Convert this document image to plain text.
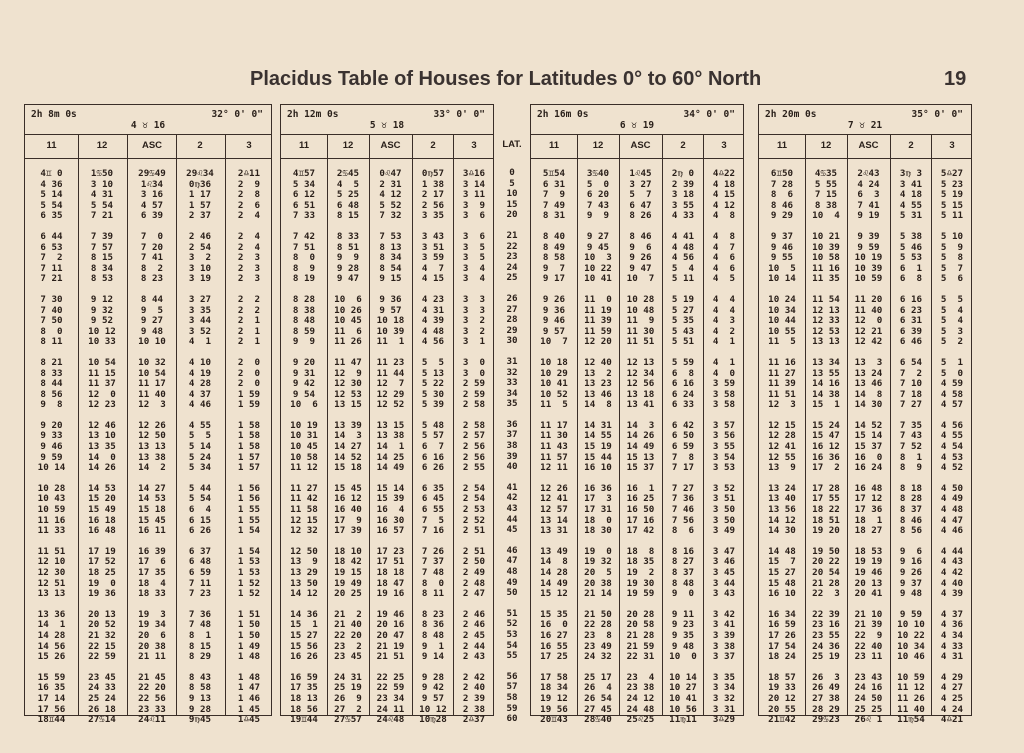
Placidus Table of Houses for Latitudes 0° to 60° North	19
2h 8m 0s	32° 0' 0"
4 ♉ 16
11	12	ASC	2	3
4♊ 0	1♋50	29♋49	29♌34	2♎11
4 36	3 10	1♌34	0♍36	2  9
5 14	4 31	3 16	1 17	2  8
5 54	5 54	4 57	1 57	2  6
6 35	7 21	6 39	2 37	2  4
6 44	7 39	7  0	2 46	2  4
6 53	7 57	7 20	2 54	2  4
7  2	8 15	7 41	3  2	2  3
7 11	8 34	8  2	3 10	2  3
7 21	8 53	8 23	3 19	2  3
7 30	9 12	8 44	3 27	2  2
7 40	9 32	9  5	3 35	2  2
7 50	9 52	9 27	3 44	2  1
8  0	10 12	9 48	3 52	2  1
8 11	10 33	10 10	4  1	2  1
8 21	10 54	10 32	4 10	2  0
8 33	11 15	10 54	4 19	2  0
8 44	11 37	11 17	4 28	2  0
8 56	12  0	11 40	4 37	1 59
9  8	12 23	12  3	4 46	1 59
9 20	12 46	12 26	4 55	1 58
9 33	13 10	12 50	5  5	1 58
9 46	13 35	13 13	5 14	1 58
9 59	14  0	13 38	5 24	1 57
10 14	14 26	14  2	5 34	1 57
10 28	14 53	14 27	5 44	1 56
10 43	15 20	14 53	5 54	1 56
10 59	15 49	15 18	6  4	1 55
11 16	16 18	15 45	6 15	1 55
11 33	16 48	16 11	6 26	1 54
11 51	17 19	16 39	6 37	1 54
12 10	17 52	17  6	6 48	1 53
12 30	18 25	17 35	6 59	1 53
12 51	19  0	18  4	7 11	1 52
13 13	19 36	18 33	7 23	1 52
13 36	20 13	19  3	7 36	1 51
14  1	20 52	19 34	7 48	1 50
14 28	21 32	20  6	8  1	1 50
14 56	22 15	20 38	8 15	1 49
15 26	22 59	21 11	8 29	1 48
15 59	23 45	21 45	8 43	1 48
16 35	24 33	22 20	8 58	1 47
17 14	25 24	22 56	9 13	1 46
17 56	26 18	23 33	9 28	1 45
18♊44	27♋14	24♌11	9♍45	1♎45
2h 12m 0s	33° 0' 0"
5 ♉ 18
11	12	ASC	2	3
4♊57	2♋45	0♌47	0♍57	3♎16
5 34	4  5	2 31	1 38	3 14
6 12	5 25	4 12	2 17	3 11
6 51	6 48	5 52	2 56	3  9
7 33	8 15	7 32	3 35	3  6
7 42	8 33	7 53	3 43	3  6
7 51	8 51	8 13	3 51	3  5
8  0	9  9	8 34	3 59	3  5
8  9	9 28	8 54	4  7	3  4
8 19	9 47	9 15	4 15	3  4
8 28	10  6	9 36	4 23	3  3
8 38	10 26	9 57	4 31	3  3
8 48	10 45	10 18	4 39	3  2
8 59	11  6	10 39	4 48	3  2
9  9	11 26	11  1	4 56	3  1
9 20	11 47	11 23	5  5	3  0
9 31	12  9	11 44	5 13	3  0
9 42	12 30	12  7	5 22	2 59
9 54	12 53	12 29	5 30	2 59
10  6	13 15	12 52	5 39	2 58
10 19	13 39	13 15	5 48	2 58
10 31	14  3	13 38	5 57	2 57
10 45	14 27	14  1	6  7	2 56
10 58	14 52	14 25	6 16	2 56
11 12	15 18	14 49	6 26	2 55
11 27	15 45	15 14	6 35	2 54
11 42	16 12	15 39	6 45	2 54
11 58	16 40	16  4	6 55	2 53
12 15	17  9	16 30	7  5	2 52
12 32	17 39	16 57	7 16	2 51
12 50	18 10	17 23	7 26	2 51
13  9	18 42	17 51	7 37	2 50
13 29	19 15	18 18	7 48	2 49
13 50	19 49	18 47	8  0	2 48
14 12	20 25	19 16	8 11	2 47
14 36	21  2	19 46	8 23	2 46
15  1	21 40	20 16	8 36	2 46
15 27	22 20	20 47	8 48	2 45
15 56	23  2	21 19	9  1	2 44
16 26	23 45	21 51	9 14	2 43
16 59	24 31	22 25	9 28	2 42
17 35	25 19	22 59	9 42	2 40
18 13	26  9	23 34	9 57	2 39
18 56	27  2	24 11	10 12	2 38
19♊44	27♋57	24♌48	10♍28	2♎37
LAT.
0
5
10
15
20
21
22
23
24
25
26
27
28
29
30
31
32
33
34
35
36
37
38
39
40
41
42
43
44
45
46
47
48
49
50
51
52
53
54
55
56
57
58
59
60
2h 16m 0s	34° 0' 0"
6 ♉ 19
11	12	ASC	2	3
5♊54	3♋40	1♌45	2♍ 0	4♎22
6 31	5  0	3 27	2 39	4 18
7  9	6 20	5  7	3 18	4 15
7 49	7 43	6 47	3 55	4 12
8 31	9  9	8 26	4 33	4  8
8 40	9 27	8 46	4 41	4  8
8 49	9 45	9  6	4 48	4  7
8 58	10  3	9 26	4 56	4  6
9  7	10 22	9 47	5  4	4  6
9 17	10 41	10  7	5 11	4  5
9 26	11  0	10 28	5 19	4  4
9 36	11 19	10 48	5 27	4  4
9 46	11 39	11  9	5 35	4  3
9 57	11 59	11 30	5 43	4  2
10  7	12 20	11 51	5 51	4  1
10 18	12 40	12 13	5 59	4  1
10 29	13  2	12 34	6  8	4  0
10 41	13 23	12 56	6 16	3 59
10 52	13 46	13 18	6 24	3 58
11  5	14  8	13 41	6 33	3 58
11 17	14 31	14  3	6 42	3 57
11 30	14 55	14 26	6 50	3 56
11 43	15 19	14 49	6 59	3 55
11 57	15 44	15 13	7  8	3 54
12 11	16 10	15 37	7 17	3 53
12 26	16 36	16  1	7 27	3 52
12 41	17  3	16 25	7 36	3 51
12 57	17 31	16 50	7 46	3 50
13 14	18  0	17 16	7 56	3 50
13 31	18 30	17 42	8  6	3 49
13 49	19  0	18  8	8 16	3 47
14  8	19 32	18 35	8 27	3 46
14 28	20  5	19  2	8 37	3 45
14 49	20 38	19 30	8 48	3 44
15 12	21 14	19 59	9  0	3 43
15 35	21 50	20 28	9 11	3 42
16  0	22 28	20 58	9 23	3 41
16 27	23  8	21 28	9 35	3 39
16 55	23 49	21 59	9 48	3 38
17 25	24 32	22 31	10  0	3 37
17 58	25 17	23  4	10 14	3 35
18 34	26  4	23 38	10 27	3 34
19 12	26 54	24 12	10 41	3 32
19 56	27 45	24 48	10 56	3 31
20♊43	28♋40	25♌25	11♍11	3♎29
2h 20m 0s	35° 0' 0"
7 ♉ 21
11	12	ASC	2	3
6♊50	4♋35	2♌43	3♍ 3	5♎27
7 28	5 55	4 24	3 41	5 23
8  6	7 15	6  3	4 18	5 19
8 46	8 38	7 41	4 55	5 15
9 29	10  4	9 19	5 31	5 11
9 37	10 21	9 39	5 38	5 10
9 46	10 39	9 59	5 46	5  9
9 55	10 58	10 19	5 53	5  8
10  5	11 16	10 39	6  1	5  7
10 14	11 35	10 59	6  8	5  6
10 24	11 54	11 20	6 16	5  5
10 34	12 13	11 40	6 23	5  4
10 44	12 33	12  0	6 31	5  4
10 55	12 53	12 21	6 39	5  3
11  5	13 13	12 42	6 46	5  2
11 16	13 34	13  3	6 54	5  1
11 27	13 55	13 24	7  2	5  0
11 39	14 16	13 46	7 10	4 59
11 51	14 38	14  8	7 18	4 58
12  3	15  1	14 30	7 27	4 57
12 15	15 24	14 52	7 35	4 56
12 28	15 47	15 14	7 43	4 55
12 41	16 12	15 37	7 52	4 54
12 55	16 36	16  0	8  1	4 53
13  9	17  2	16 24	8  9	4 52
13 24	17 28	16 48	8 18	4 50
13 40	17 55	17 12	8 28	4 49
13 56	18 22	17 36	8 37	4 48
14 12	18 51	18  1	8 46	4 47
14 30	19 20	18 27	8 56	4 46
14 48	19 50	18 53	9  6	4 44
15  7	20 22	19 19	9 16	4 43
15 27	20 54	19 46	9 26	4 42
15 48	21 28	20 13	9 37	4 40
16 10	22  3	20 41	9 48	4 39
16 34	22 39	21 10	9 59	4 37
16 59	23 16	21 39	10 10	4 36
17 26	23 55	22  9	10 22	4 34
17 54	24 36	22 40	10 34	4 33
18 24	25 19	23 11	10 46	4 31
18 57	26  3	23 43	10 59	4 29
19 33	26 49	24 16	11 12	4 27
20 12	27 38	24 50	11 26	4 25
20 55	28 29	25 25	11 40	4 24
21♊42	29♋23	26♌ 1	11♍54	4♎21
